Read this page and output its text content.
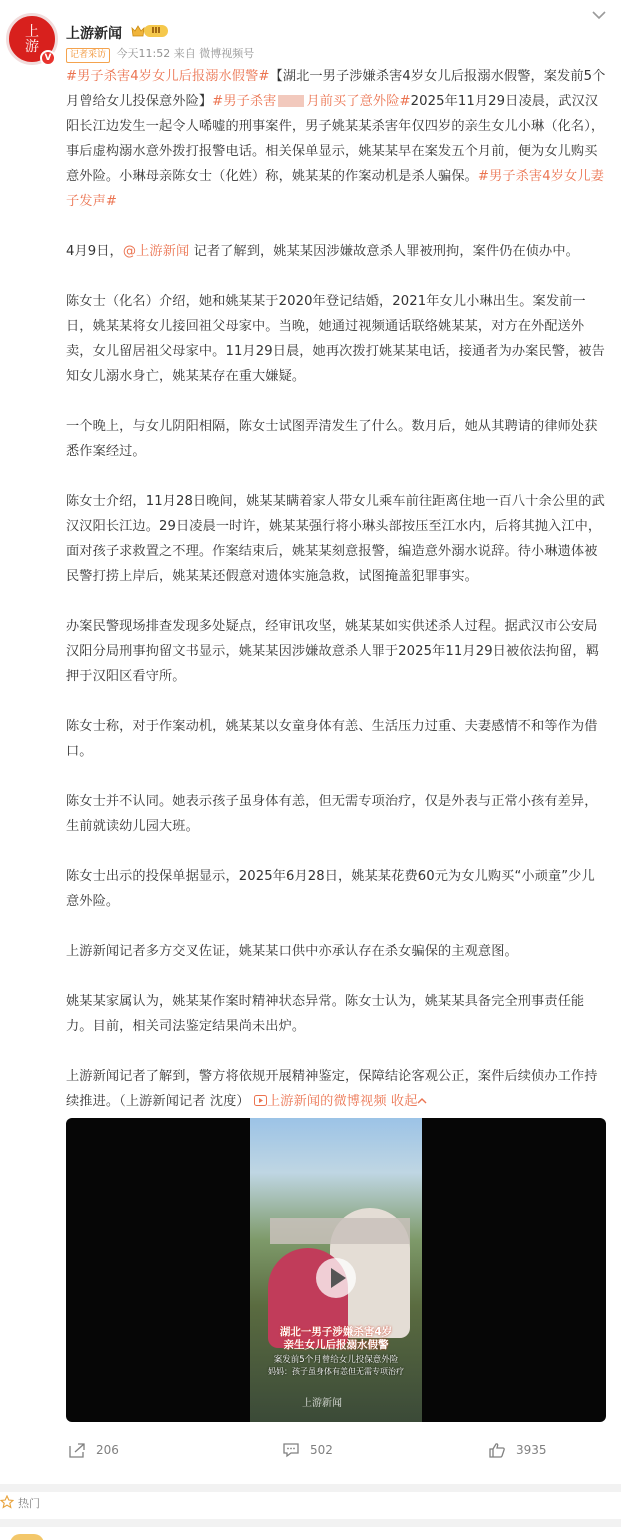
上
游
V
上游新闻	III
记者采访 今天11:52 来自 微博视频号
#男子杀害4岁女儿后报溺水假警#【湖北一男子涉嫌杀害4岁女儿后报溺水假警，案发前5个月曾给女儿投保意外险】#男子杀害 月前买了意外险#2025年11月29日凌晨，武汉汉阳长江边发生一起令人唏嘘的刑事案件，男子姚某某杀害年仅四岁的亲生女儿小琳（化名），事后虚构溺水意外拨打报警电话。相关保单显示，姚某某早在案发五个月前，便为女儿购买意外险。小琳母亲陈女士（化姓）称，姚某某的作案动机是杀人骗保。#男子杀害4岁女儿妻子发声#
4月9日，@上游新闻 记者了解到，姚某某因涉嫌故意杀人罪被刑拘，案件仍在侦办中。
陈女士（化名）介绍，她和姚某某于2020年登记结婚，2021年女儿小琳出生。案发前一日，姚某某将女儿接回祖父母家中。当晚，她通过视频通话联络姚某某，对方在外配送外卖，女儿留居祖父母家中。11月29日晨，她再次拨打姚某某电话，接通者为办案民警，被告知女儿溺水身亡，姚某某存在重大嫌疑。
一个晚上，与女儿阴阳相隔，陈女士试图弄清发生了什么。数月后，她从其聘请的律师处获悉作案经过。
陈女士介绍，11月28日晚间，姚某某瞒着家人带女儿乘车前往距离住地一百八十余公里的武汉汉阳长江边。29日凌晨一时许，姚某某强行将小琳头部按压至江水内，后将其抛入江中，面对孩子求救置之不理。作案结束后，姚某某刻意报警，编造意外溺水说辞。待小琳遗体被民警打捞上岸后，姚某某还假意对遗体实施急救，试图掩盖犯罪事实。
办案民警现场排查发现多处疑点，经审讯攻坚，姚某某如实供述杀人过程。据武汉市公安局汉阳分局刑事拘留文书显示，姚某某因涉嫌故意杀人罪于2025年11月29日被依法拘留，羁押于汉阳区看守所。
陈女士称，对于作案动机，姚某某以女童身体有恙、生活压力过重、夫妻感情不和等作为借口。
陈女士并不认同。她表示孩子虽身体有恙，但无需专项治疗，仅是外表与正常小孩有差异，生前就读幼儿园大班。
陈女士出示的投保单据显示，2025年6月28日，姚某某花费60元为女儿购买“小顽童”少儿意外险。
上游新闻记者多方交叉佐证，姚某某口供中亦承认存在杀女骗保的主观意图。
姚某某家属认为，姚某某作案时精神状态异常。陈女士认为，姚某某具备完全刑事责任能力。目前，相关司法鉴定结果尚未出炉。
上游新闻记者了解到，警方将依规开展精神鉴定，保障结论客观公正，案件后续侦办工作持续推进。（上游新闻记者 沈度） 上游新闻的微博视频 收起
湖北一男子涉嫌杀害4岁
亲生女儿后报溺水假警
案发前5个月曾给女儿投保意外险
妈妈：孩子虽身体有恙但无需专项治疗
上游新闻
206	502	3935
热门
